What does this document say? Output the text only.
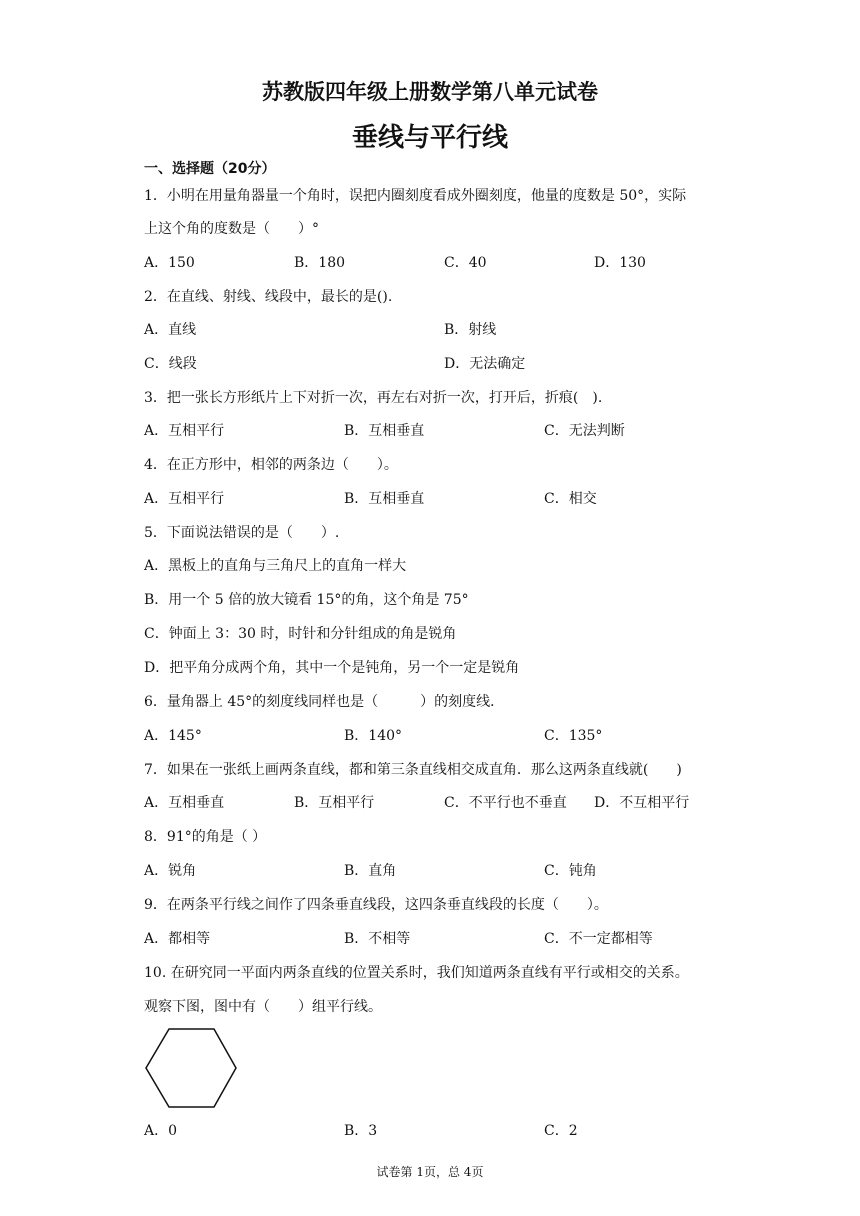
苏教版四年级上册数学第八单元试卷
垂线与平行线
一、选择题（20分）
1．小明在用量角器量一个角时，误把内圈刻度看成外圈刻度，他量的度数是 50°，实际
上这个角的度数是（　　）°
A．150	B．180	C．40	D．130
2．在直线、射线、线段中，最长的是().
A．直线	B．射线
C．线段	D．无法确定
3．把一张长方形纸片上下对折一次，再左右对折一次，打开后，折痕(　).
A．互相平行	B．互相垂直	C．无法判断
4．在正方形中，相邻的两条边（　　）。
A．互相平行	B．互相垂直	C．相交
5．下面说法错误的是（　　）.
A．黑板上的直角与三角尺上的直角一样大
B．用一个 5 倍的放大镜看 15°的角，这个角是 75°
C．钟面上 3：30 时，时针和分针组成的角是锐角
D．把平角分成两个角，其中一个是钝角，另一个一定是锐角
6．量角器上 45°的刻度线同样也是（　　　）的刻度线．
A．145°	B．140°	C．135°
7．如果在一张纸上画两条直线，都和第三条直线相交成直角．那么这两条直线就(　　)
A．互相垂直	B．互相平行	C．不平行也不垂直 D．不互相平行
8．91°的角是（ ）
A．锐角	B．直角	C．钝角
9．在两条平行线之间作了四条垂直线段，这四条垂直线段的长度（　　）。
A．都相等	B．不相等	C．不一定都相等
10. 在研究同一平面内两条直线的位置关系时，我们知道两条直线有平行或相交的关系。
观察下图，图中有（　　）组平行线。
A．0	B．3	C．2
试卷第 1页，总 4页
